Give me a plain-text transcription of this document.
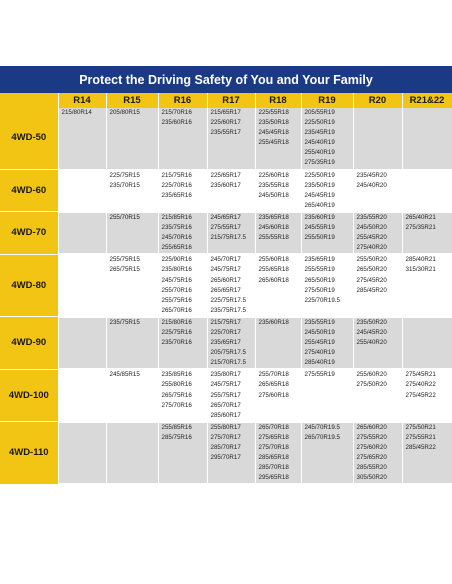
Protect the Driving Safety of You and Your Family
	R14	R15	R16	R17	R18	R19	R20	R21&22
4WD-50	215/80R14	205/80R15	215/70R16	215/65R17	225/55R18	205/55R19		
			235/60R16	225/60R17	235/50R18	225/50R19		
				235/55R17	245/45R18	235/45R19		
					255/45R18	245/40R19		
						255/40R19		
						275/35R19		
4WD-60		225/75R15	215/75R16	225/65R17	225/60R18	225/50R19	235/45R20	
		235/70R15	225/70R16	235/60R17	235/55R18	235/50R19	245/40R20	
			235/65R16		245/50R18	245/45R19		
						265/40R19		
4WD-70		255/70R15	215/85R16	245/65R17	235/65R18	235/60R19	235/55R20	265/40R21
			235/75R16	275/55R17	245/60R18	245/55R19	245/50R20	275/35R21
			245/70R16	215/75R17.5	255/55R18	255/50R19	255/45R20	
			255/65R16				275/40R20	
4WD-80		255/75R15	225/90R16	245/70R17	255/60R18	235/65R19	255/50R20	285/40R21
		265/75R15	235/80R16	245/75R17	255/65R18	255/55R19	265/50R20	315/30R21
			245/75R16	265/60R17	265/60R18	265/50R19	275/45R20	
			255/70R16	265/65R17		275/50R19	285/45R20	
			255/75R16	225/75R17.5		225/70R19.5		
			265/70R16	235/75R17.5				
4WD-90		235/75R15	215/80R16	215/75R17	235/60R18	235/55R19	235/50R20	
			225/75R16	225/70R17		245/50R19	245/45R20	
			235/70R16	235/65R17		255/45R19	255/40R20	
				205/75R17.5		275/40R19		
				215/70R17.5		285/40R19		
4WD-100		245/85R15	235/85R16	235/80R17	255/70R18	275/55R19	255/60R20	275/45R21
			255/80R16	245/75R17	265/65R18		275/50R20	275/40R22
			265/75R16	255/75R17	275/60R18			275/45R22
			275/70R16	265/70R17				
				285/60R17				
4WD-110			255/85R16	255/80R17	265/70R18	245/70R19.5	265/60R20	275/50R21
			285/75R16	275/70R17	275/65R18	265/70R19.5	275/55R20	275/55R21
				285/70R17	275/70R18		275/60R20	285/45R22
				295/70R17	285/65R18		275/65R20	
					285/70R18		285/55R20	
					295/65R18		305/50R20	
